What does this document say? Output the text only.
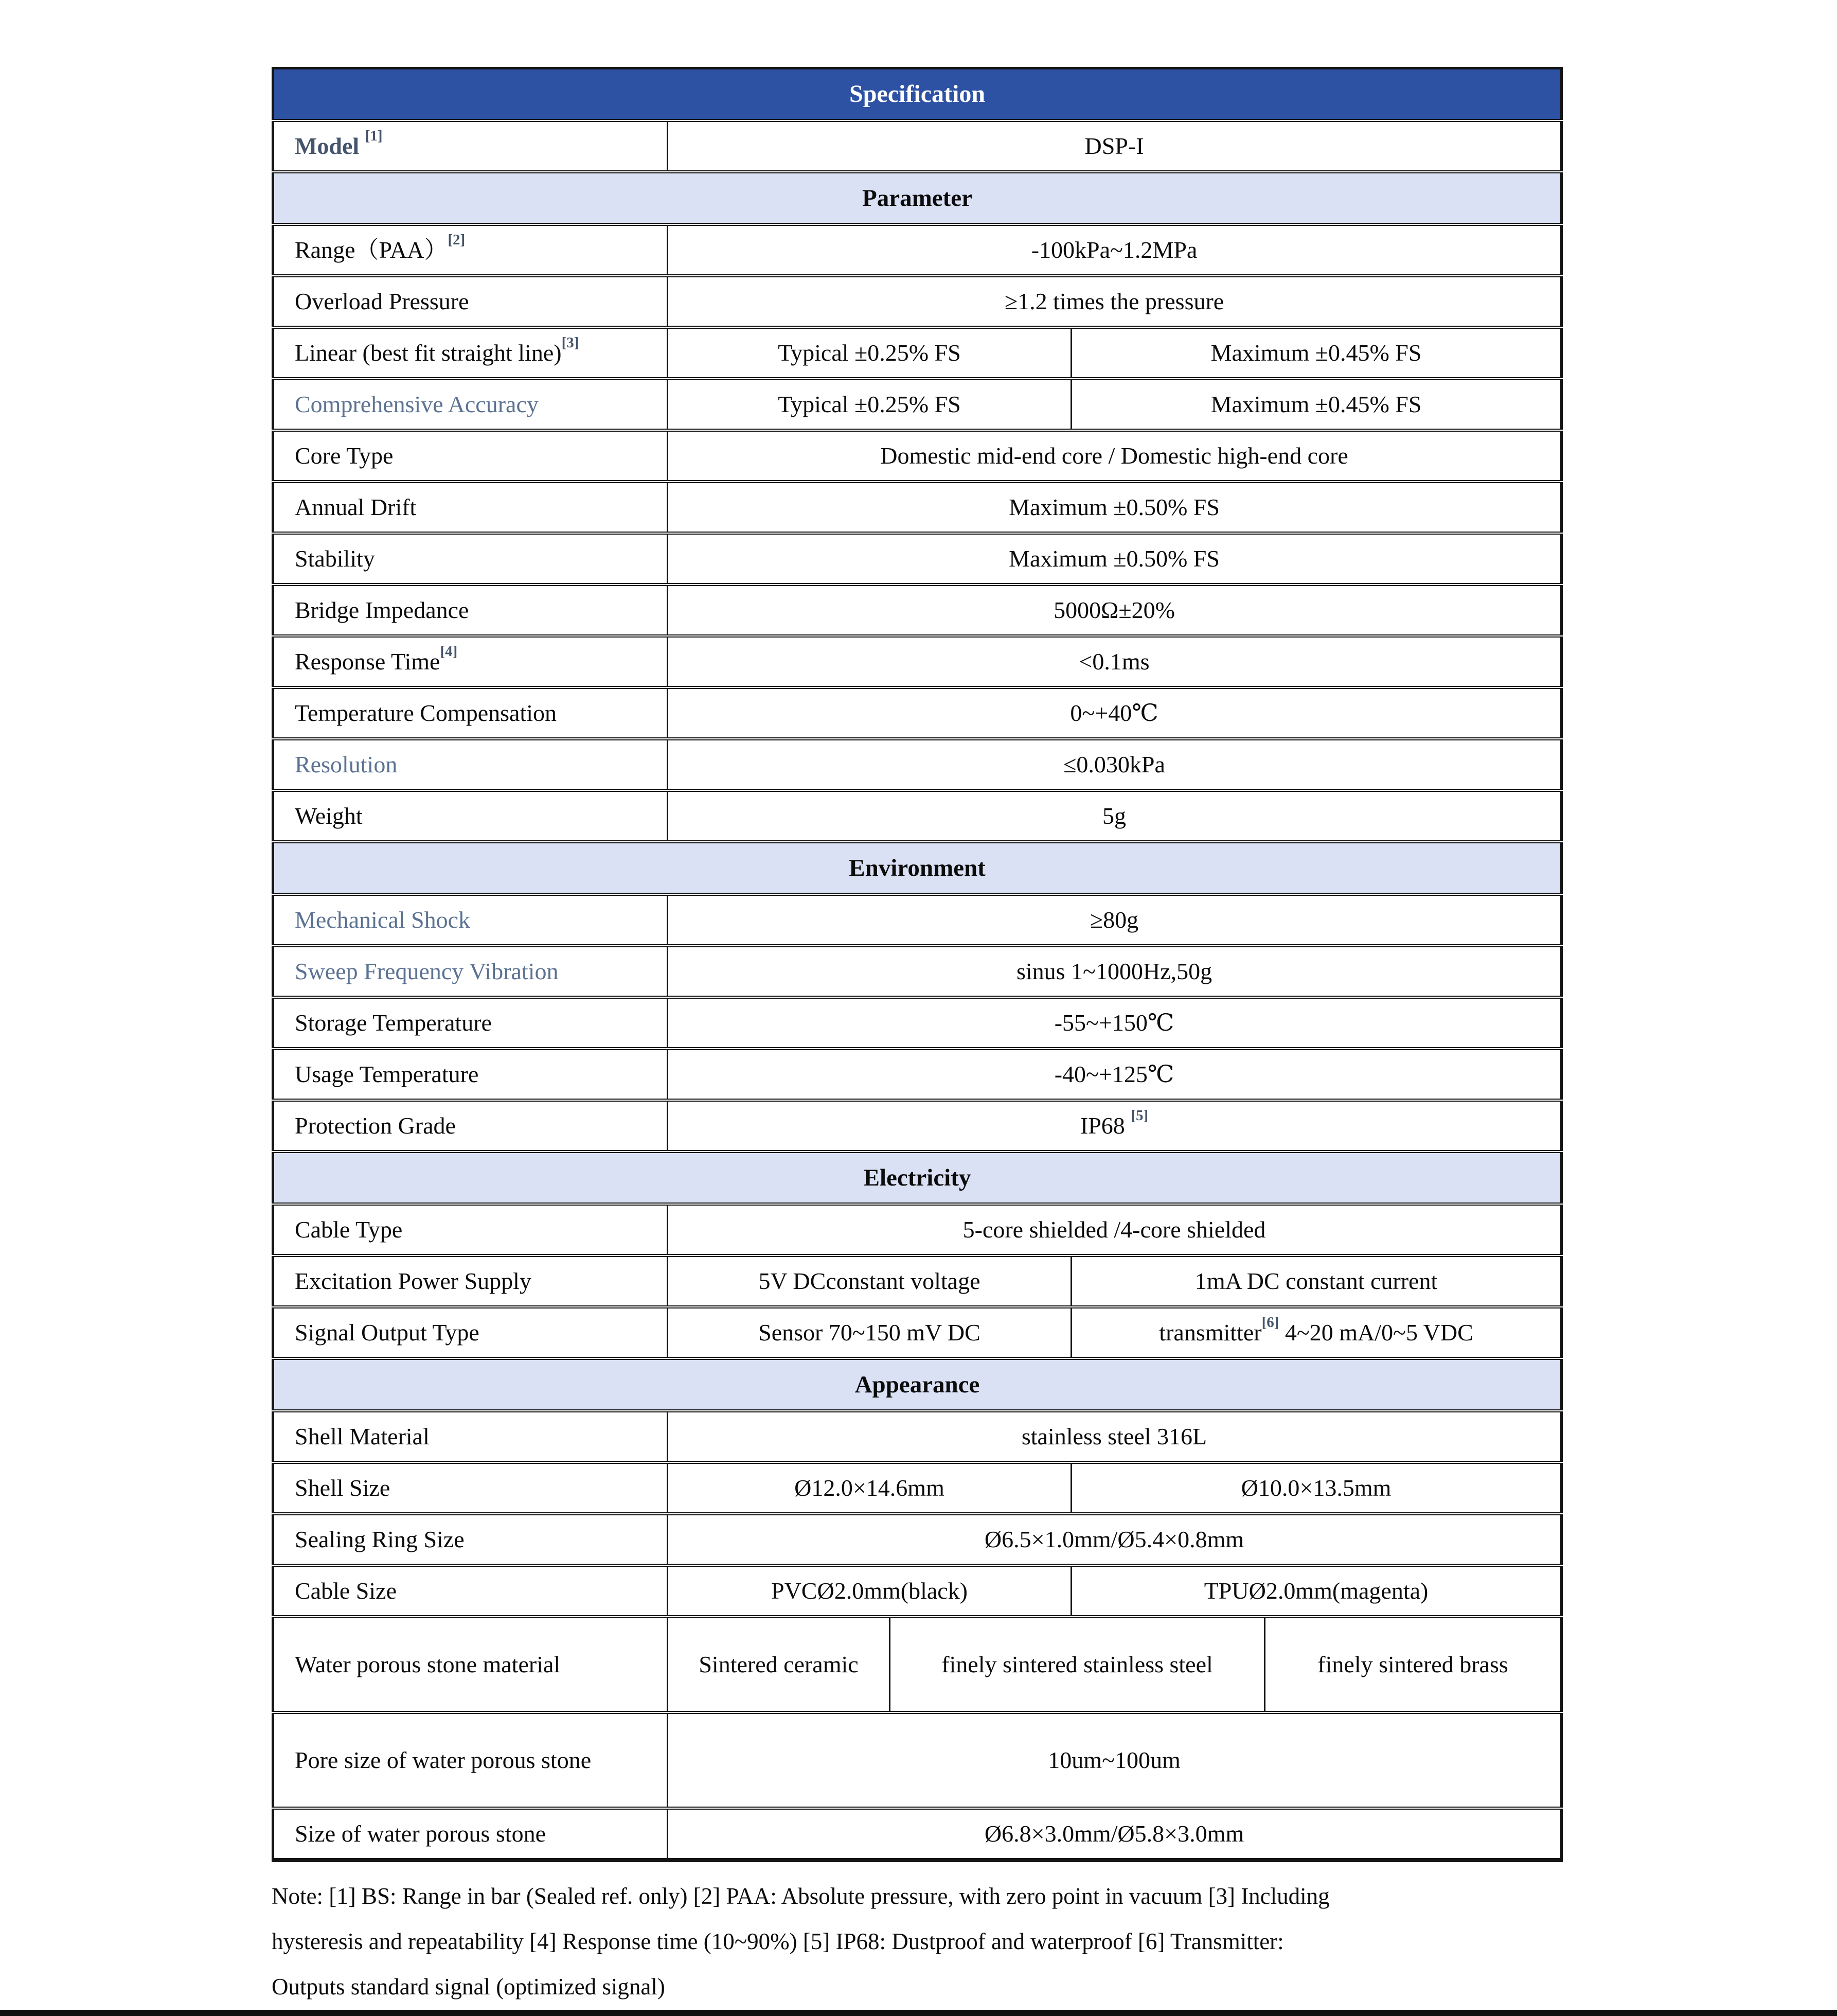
Specification				
Model [1]	DSP-I			
Parameter				
Range（PAA）[2]	-100kPa~1.2MPa			
Overload Pressure	≥1.2 times the pressure			
Linear (best fit straight line)[3]	Typical ±0.25% FS		Maximum ±0.45% FS	
Comprehensive Accuracy	Typical ±0.25% FS		Maximum ±0.45% FS	
Core Type	Domestic mid-end core / Domestic high-end core			
Annual Drift	Maximum ±0.50% FS			
Stability	Maximum ±0.50% FS			
Bridge Impedance	5000Ω±20%			
Response Time[4]	<0.1ms			
Temperature Compensation	0~+40℃			
Resolution	≤0.030kPa			
Weight	5g			
Environment				
Mechanical Shock	≥80g			
Sweep Frequency Vibration	sinus 1~1000Hz,50g			
Storage Temperature	-55~+150℃			
Usage Temperature	-40~+125℃			
Protection Grade	IP68 [5]
Electricity				
Cable Type	5-core shielded /4-core shielded			
Excitation Power Supply	5V DCconstant voltage		1mA DC constant current	
Signal Output Type	Sensor 70~150 mV DC		transmitter[6] 4~20 mA/0~5 VDC	
Appearance				
Shell Material	stainless steel 316L			
Shell Size	Ø12.0×14.6mm		Ø10.0×13.5mm	
Sealing Ring Size	Ø6.5×1.0mm/Ø5.4×0.8mm			
Cable Size	PVCØ2.0mm(black)		TPUØ2.0mm(magenta)	
Water porous stone material	Sintered ceramic	finely sintered stainless steel		finely sintered brass
Pore size of water porous stone	10um~100um			
Size of water porous stone	Ø6.8×3.0mm/Ø5.8×3.0mm			
Note: [1] BS: Range in bar (Sealed ref. only) [2] PAA: Absolute pressure, with zero point in vacuum [3] Including
hysteresis and repeatability [4] Response time (10~90%) [5] IP68: Dustproof and waterproof [6] Transmitter:
Outputs standard signal (optimized signal)
